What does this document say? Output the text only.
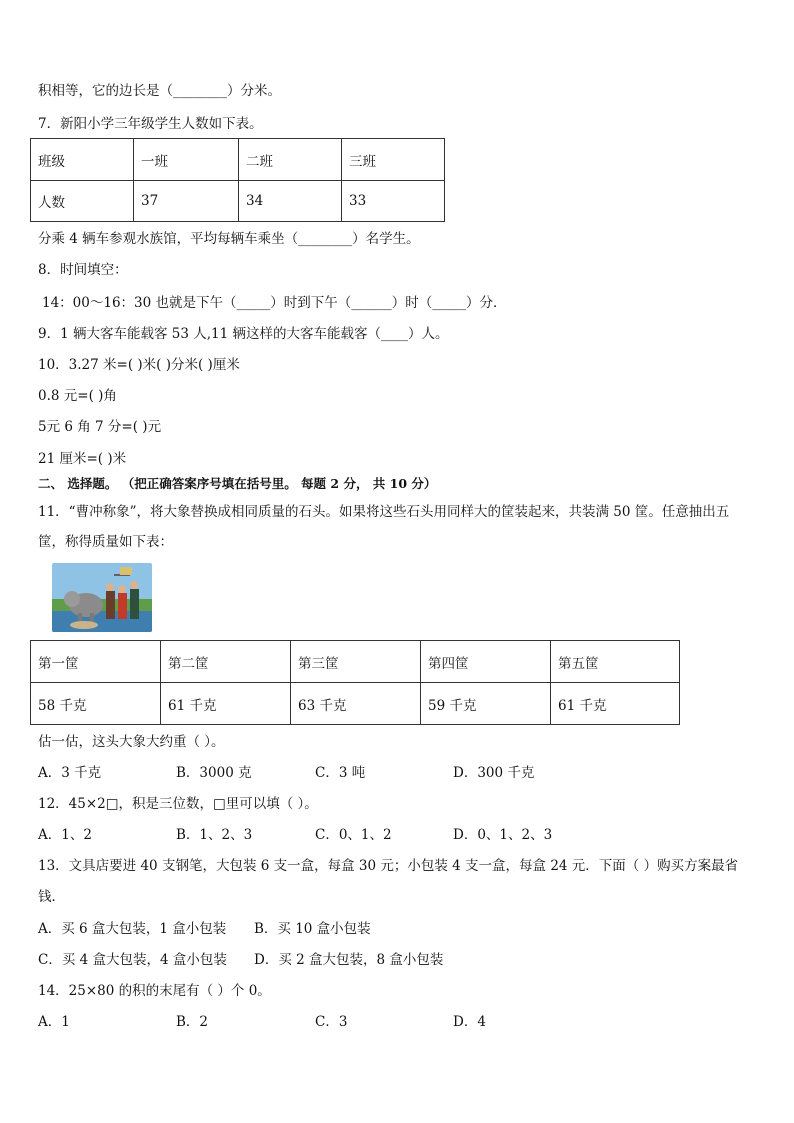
积相等，它的边长是（________）分米。
7．新阳小学三年级学生人数如下表。
班级	一班	二班	三班
人数	37	34	33
分乘 4 辆车参观水族馆，平均每辆车乘坐（________）名学生。
8．时间填空：
14：00～16：30 也就是下午（_____）时到下午（______）时（_____）分．
9．1 辆大客车能载客 53 人,11 辆这样的大客车能载客（____）人。
10．3.27 米=( )米( )分米( )厘米
0.8 元=( )角
5元 6 角 7 分=( )元
21 厘米=( )米
二、 选择题。 （把正确答案序号填在括号里。 每题 2 分， 共 10 分）
11．“曹冲称象”，将大象替换成相同质量的石头。如果将这些石头用同样大的筐装起来，共装满 50 筐。任意抽出五
筐，称得质量如下表：
第一筐	第二筐	第三筐	第四筐	第五筐
58 千克	61 千克	63 千克	59 千克	61 千克
估一估，这头大象大约重（ ）。
A．3 千克	B．3000 克	C．3 吨	D．300 千克
12．45×2□，积是三位数，□里可以填（ ）。
A．1、2	B．1、2、3	C．0、1、2	D．0、1、2、3
13．文具店要进 40 支钢笔，大包装 6 支一盒，每盒 30 元；小包装 4 支一盒，每盒 24 元．下面（ ）购买方案最省
钱．
A．买 6 盒大包装，1 盒小包装 B．买 10 盒小包装
C．买 4 盒大包装，4 盒小包装 D．买 2 盒大包装，8 盒小包装
14．25×80 的积的末尾有（ ）个 0。
A．1	B．2	C．3	D．4
